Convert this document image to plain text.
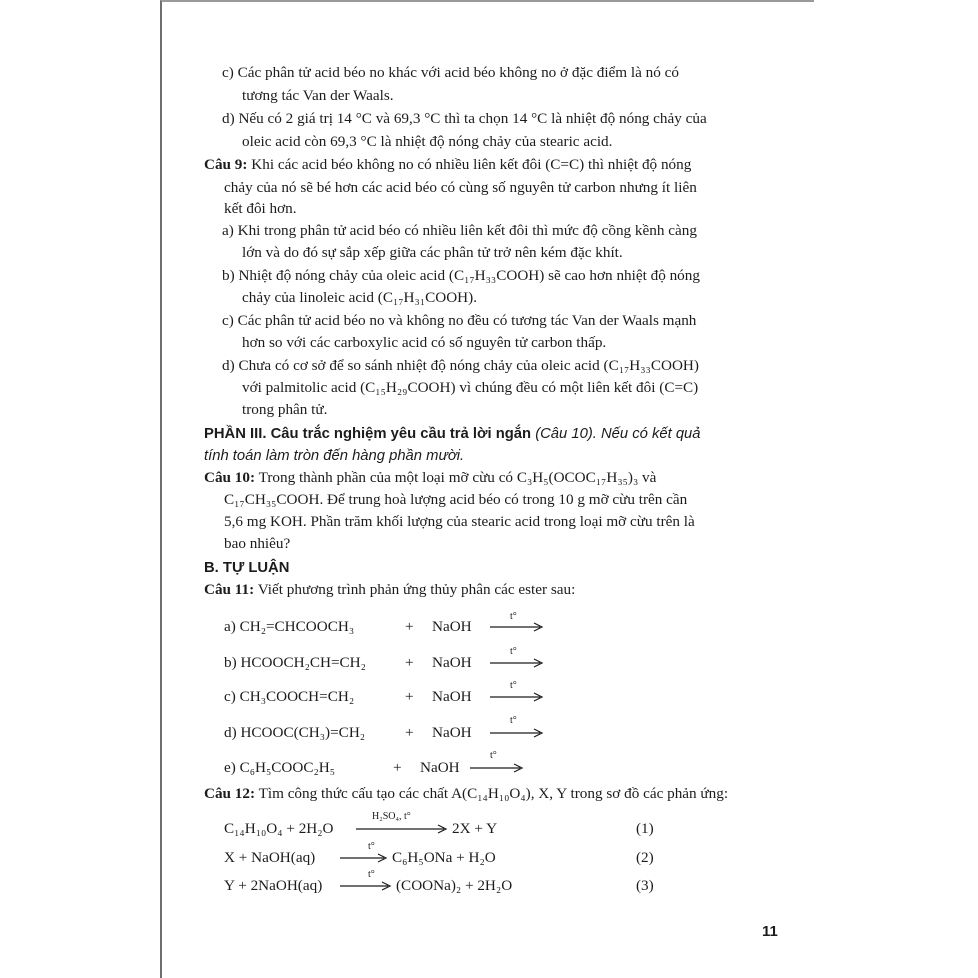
c) Các phân tử acid béo no khác với acid béo không no ở đặc điểm là nó có
tương tác Van der Waals.
d) Nếu có 2 giá trị 14 °C và 69,3 °C thì ta chọn 14 °C là nhiệt độ nóng chảy của
oleic acid còn 69,3 °C là nhiệt độ nóng chảy của stearic acid.
Câu 9: Khi các acid béo không no có nhiều liên kết đôi (C=C) thì nhiệt độ nóng
chảy của nó sẽ bé hơn các acid béo có cùng số nguyên tử carbon nhưng ít liên
kết đôi hơn.
a) Khi trong phân tử acid béo có nhiều liên kết đôi thì mức độ cồng kềnh càng
lớn và do đó sự sắp xếp giữa các phân tử trở nên kém đặc khít.
b) Nhiệt độ nóng chảy của oleic acid (C₁₇H₃₃COOH) sẽ cao hơn nhiệt độ nóng
chảy của linoleic acid (C₁₇H₃₁COOH).
c) Các phân tử acid béo no và không no đều có tương tác Van der Waals mạnh
hơn so với các carboxylic acid có số nguyên tử carbon thấp.
d) Chưa có cơ sở để so sánh nhiệt độ nóng chảy của oleic acid (C₁₇H₃₃COOH)
với palmitolic acid (C₁₅H₂₉COOH) vì chúng đều có một liên kết đôi (C=C)
trong phân tử.
PHẦN III. Câu trắc nghiệm yêu cầu trả lời ngắn (Câu 10). Nếu có kết quả
tính toán làm tròn đến hàng phần mười.
Câu 10: Trong thành phần của một loại mỡ cừu có C₃H₅(OCOC₁₇H₃₅)₃ và
C₁₇CH₃₅COOH. Để trung hoà lượng acid béo có trong 10 g mỡ cừu trên cần
5,6 mg KOH. Phần trăm khối lượng của stearic acid trong loại mỡ cừu trên là
bao nhiêu?
B. TỰ LUẬN
Câu 11: Viết phương trình phản ứng thủy phân các ester sau:
a) CH₂=CHCOOCH₃	+ NaOH
t°
b) HCOOCH₂CH=CH₂	+ NaOH
t°
c) CH₃COOCH=CH₂	+ NaOH
t°
d) HCOOC(CH₃)=CH₂	+ NaOH
t°
e) C₆H₅COOC₂H₅	+ NaOH
t°
Câu 12: Tìm công thức cấu tạo các chất A(C₁₄H₁₀O₄), X, Y trong sơ đồ các phản ứng:
C₁₄H₁₀O₄ + 2H₂O
H₂SO₄, t°
2X + Y	(1)
X + NaOH(aq)
t°
C₆H₅ONa + H₂O	(2)
Y + 2NaOH(aq)
t°
(COONa)₂ + 2H₂O	(3)
11
